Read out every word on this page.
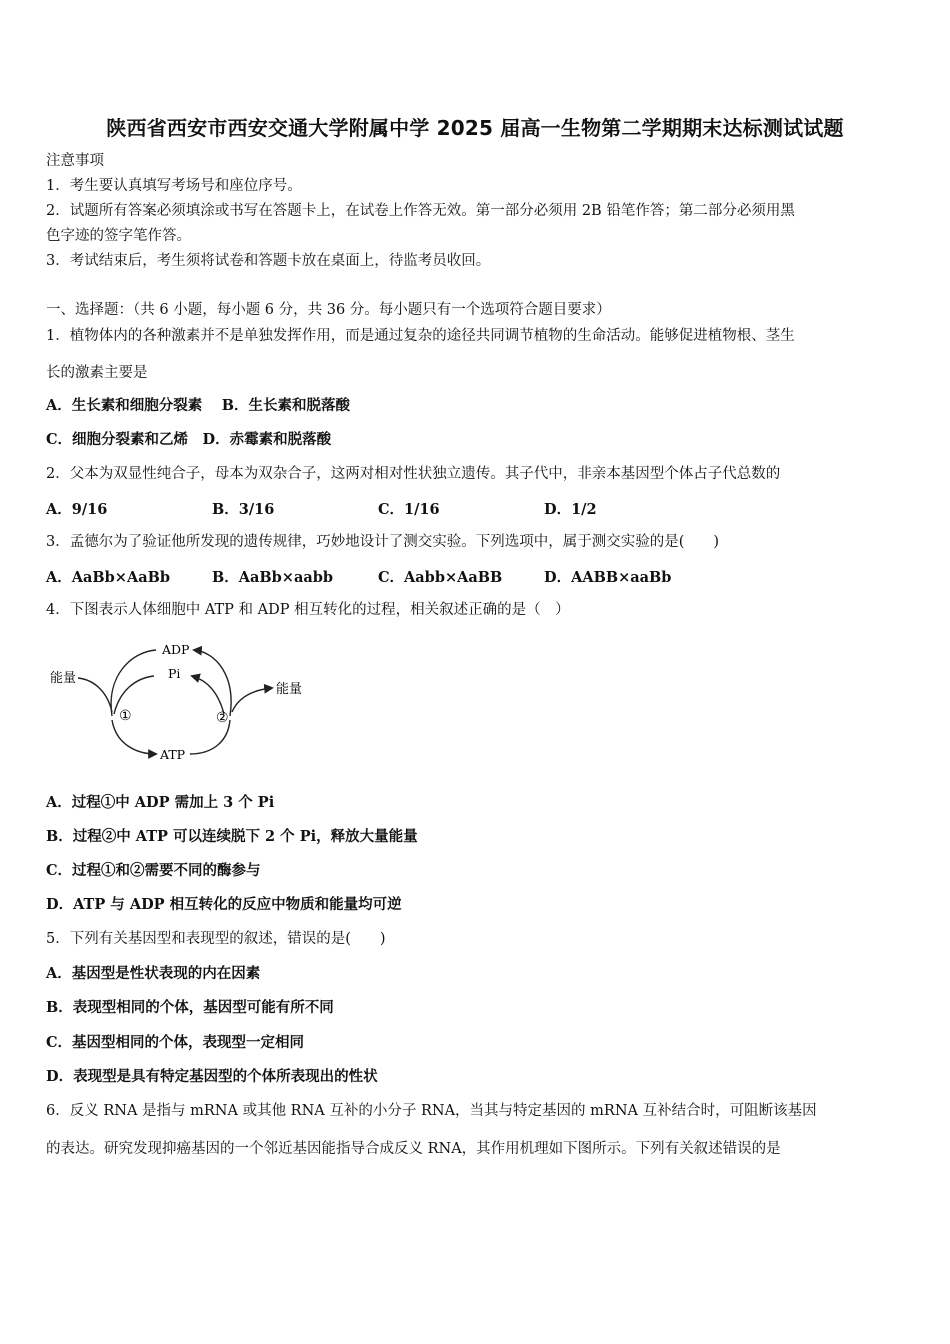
陕西省西安市西安交通大学附属中学 2025 届高一生物第二学期期末达标测试试题
注意事项
1．考生要认真填写考场号和座位序号。
2．试题所有答案必须填涂或书写在答题卡上，在试卷上作答无效。第一部分必须用 2B 铅笔作答；第二部分必须用黑
色字迹的签字笔作答。
3．考试结束后，考生须将试卷和答题卡放在桌面上，待监考员收回。
一、选择题：（共 6 小题，每小题 6 分，共 36 分。每小题只有一个选项符合题目要求）
1．植物体内的各种激素并不是单独发挥作用，而是通过复杂的途径共同调节植物的生命活动。能够促进植物根、茎生
长的激素主要是
A．生长素和细胞分裂素　 B．生长素和脱落酸
C．细胞分裂素和乙烯　D．赤霉素和脱落酸
2．父本为双显性纯合子，母本为双杂合子，这两对相对性状独立遗传。其子代中，非亲本基因型个体占子代总数的
A．9/16	B．3/16	C．1/16	D．1/2
3．孟德尔为了验证他所发现的遗传规律，巧妙地设计了测交实验。下列选项中，属于测交实验的是(　　)
A．AaBb×AaBb	B．AaBb×aabb	C．Aabb×AaBB	D．AABB×aaBb
4．下图表示人体细胞中 ATP 和 ADP 相互转化的过程，相关叙述正确的是（　）
ADP
Pi
ATP
能量
能量
①	②
A．过程①中 ADP 需加上 3 个 Pi
B．过程②中 ATP 可以连续脱下 2 个 Pi，释放大量能量
C．过程①和②需要不同的酶参与
D．ATP 与 ADP 相互转化的反应中物质和能量均可逆
5．下列有关基因型和表现型的叙述，错误的是(　　)
A．基因型是性状表现的内在因素
B．表现型相同的个体，基因型可能有所不同
C．基因型相同的个体，表现型一定相同
D．表现型是具有特定基因型的个体所表现出的性状
6．反义 RNA 是指与 mRNA 或其他 RNA 互补的小分子 RNA，当其与特定基因的 mRNA 互补结合时，可阻断该基因
的表达。研究发现抑癌基因的一个邻近基因能指导合成反义 RNA，其作用机理如下图所示。下列有关叙述错误的是
